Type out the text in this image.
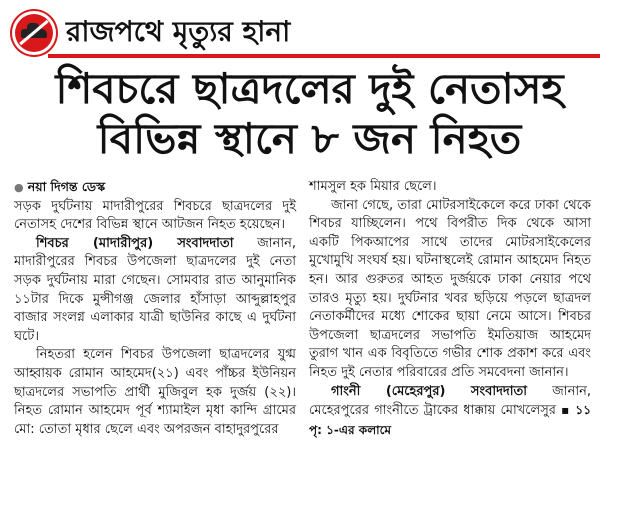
রাজপথে মৃত্যুর হানা
শিবচরে ছাত্রদলের দুই নেতাসহ
বিভিন্ন স্থানে ৮ জন নিহত

● নয়া দিগন্ত ডেস্ক

সড়ক দুর্ঘটনায় মাদারীপুরের শিবচরে ছাত্রদলের দুই নেতাসহ দেশের বিভিন্ন স্থানে আটজন নিহত হয়েছেন।

শিবচর (মাদারীপুর) সংবাদদাতা জানান, মাদারীপুরের শিবচর উপজেলা ছাত্রদলের দুই নেতা সড়ক দুর্ঘটনায় মারা গেছেন। সোমবার রাত আনুমানিক ১১টার দিকে মুন্সীগঞ্জ জেলার হাঁসাড়া আব্দুল্লাহপুর বাজার সংলগ্ন এলাকার যাত্রী ছাউনির কাছে এ দুর্ঘটনা ঘটে।

নিহতরা হলেন শিবচর উপজেলা ছাত্রদলের যুগ্ম আহ্বায়ক রোমান আহমেদ(২১) এবং পাঁচ্চর ইউনিয়ন ছাত্রদলের সভাপতি প্রার্থী মুজিবুল হক দুর্জয় (২২)। নিহত রোমান আহমেদ পূর্ব শ্যামাইল মৃধা কান্দি গ্রামের মো: তোতা মৃধার ছেলে এবং অপরজন বাহাদুরপুরের

শামসুল হক মিয়ার ছেলে।

জানা গেছে, তারা মোটরসাইকেলে করে ঢাকা থেকে শিবচর যাচ্ছিলেন। পথে বিপরীত দিক থেকে আসা একটি পিকআপের সাথে তাদের মোটরসাইকেলের মুখোমুখি সংঘর্ষ হয়। ঘটনাস্থলেই রোমান আহমেদ নিহত হন। আর গুরুতর আহত দুর্জয়কে ঢাকা নেয়ার পথে তারও মৃত্যু হয়। দুর্ঘটনার খবর ছড়িয়ে পড়লে ছাত্রদল নেতাকর্মীদের মধ্যে শোকের ছায়া নেমে আসে। শিবচর উপজেলা ছাত্রদলের সভাপতি ইমতিয়াজ আহমেদ তুরাগ খান এক বিবৃতিতে গভীর শোক প্রকাশ করে এবং নিহত দুই নেতার পরিবারের প্রতি সমবেদনা জানান।

গাংনী (মেহেরপুর) সংবাদদাতা জানান, মেহেরপুরের গাংনীতে ট্রাকের ধাক্কায় মোখলেসুর ▪ ১১ পৃ: ১-এর কলামে
